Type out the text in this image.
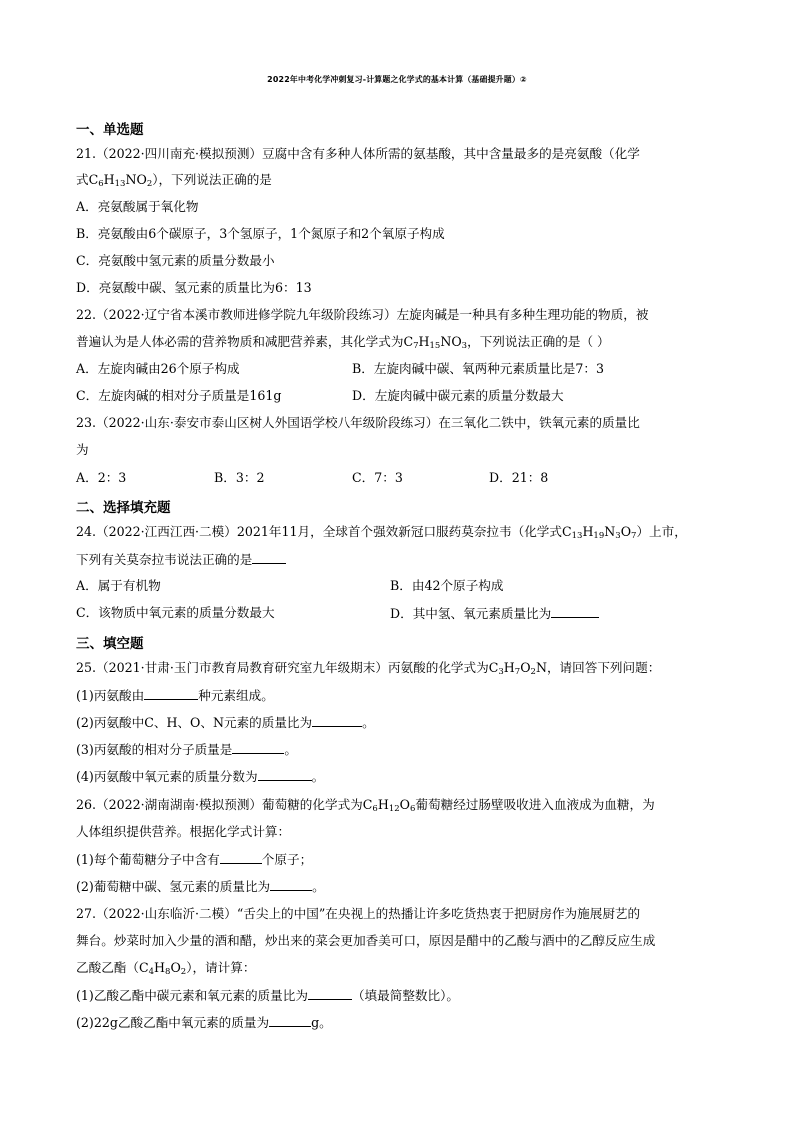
2022年中考化学冲刺复习-计算题之化学式的基本计算（基础提升题）②
一、单选题
21.（2022·四川南充·模拟预测）豆腐中含有多种人体所需的氨基酸，其中含量最多的是亮氨酸（化学
式$C_6H_{13}NO_2$），下列说法正确的是
A．亮氨酸属于氧化物
B．亮氨酸由6个碳原子，3个氢原子，1个氮原子和2个氧原子构成
C．亮氨酸中氢元素的质量分数最小
D．亮氨酸中碳、氢元素的质量比为6：13
22.（2022·辽宁省本溪市教师进修学院九年级阶段练习）左旋肉碱是一种具有多种生理功能的物质，被
普遍认为是人体必需的营养物质和减肥营养素，其化学式为$C_7H_{15}NO_3$，下列说法正确的是（ ）
A．左旋肉碱由26个原子构成	B．左旋肉碱中碳、氧两种元素质量比是7：3
C．左旋肉碱的相对分子质量是161g	D．左旋肉碱中碳元素的质量分数最大
23.（2022·山东·泰安市泰山区树人外国语学校八年级阶段练习）在三氧化二铁中，铁氧元素的质量比
为
A．2：3	B．3：2	C．7：3	D．21：8
二、选择填充题
24.（2022·江西江西·二模）2021年11月，全球首个强效新冠口服药莫奈拉韦（化学式$C_{13}H_{19}N_3O_7$）上市，
下列有关莫奈拉韦说法正确的是
A．属于有机物	B．由42个原子构成
C．该物质中氧元素的质量分数最大	D．其中氢、氧元素质量比为
三、填空题
25.（2021·甘肃·玉门市教育局教育研究室九年级期末）丙氨酸的化学式为$C_3H_7O_2N$，请回答下列问题：
(1)丙氨酸由	种元素组成。
(2)丙氨酸中C、H、O、N元素的质量比为	。
(3)丙氨酸的相对分子质量是	。
(4)丙氨酸中氧元素的质量分数为	。
26.（2022·湖南湖南·模拟预测）葡萄糖的化学式为$C_6H_{12}O_6$葡萄糖经过肠壁吸收进入血液成为血糖，为
人体组织提供营养。根据化学式计算：
(1)每个葡萄糖分子中含有	个原子；
(2)葡萄糖中碳、氢元素的质量比为	。
27.（2022·山东临沂·二模）“舌尖上的中国”在央视上的热播让许多吃货热衷于把厨房作为施展厨艺的
舞台。炒菜时加入少量的酒和醋，炒出来的菜会更加香美可口，原因是醋中的乙酸与酒中的乙醇反应生成
乙酸乙酯$(C_4H_8O_2)$，请计算：
(1)乙酸乙酯中碳元素和氧元素的质量比为	（填最简整数比）。
(2)22g乙酸乙酯中氧元素的质量为	g。
